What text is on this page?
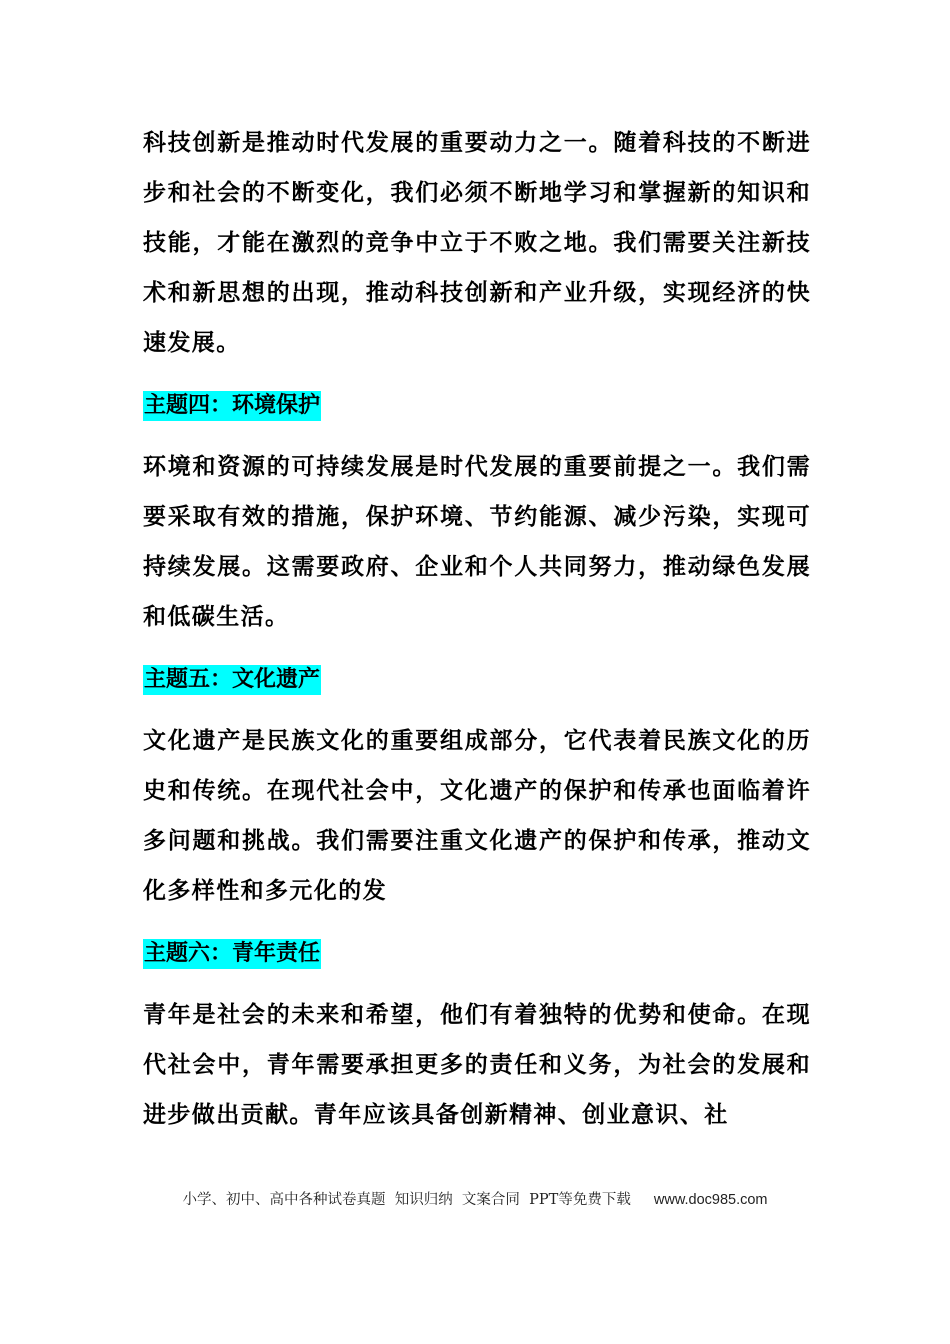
科技创新是推动时代发展的重要动力之一。随着科技的不断进步和社会的不断变化，我们必须不断地学习和掌握新的知识和技能，才能在激烈的竞争中立于不败之地。我们需要关注新技术和新思想的出现，推动科技创新和产业升级，实现经济的快速发展。

主题四：环境保护

环境和资源的可持续发展是时代发展的重要前提之一。我们需要采取有效的措施，保护环境、节约能源、减少污染，实现可持续发展。这需要政府、企业和个人共同努力，推动绿色发展和低碳生活。

主题五：文化遗产

文化遗产是民族文化的重要组成部分，它代表着民族文化的历史和传统。在现代社会中，文化遗产的保护和传承也面临着许多问题和挑战。我们需要注重文化遗产的保护和传承，推动文化多样性和多元化的发

主题六：青年责任

青年是社会的未来和希望，他们有着独特的优势和使命。在现代社会中，青年需要承担更多的责任和义务，为社会的发展和进步做出贡献。青年应该具备创新精神、创业意识、社

小学、初中、高中各种试卷真题  知识归纳  文案合同  PPT等免费下载 www.doc985.com
